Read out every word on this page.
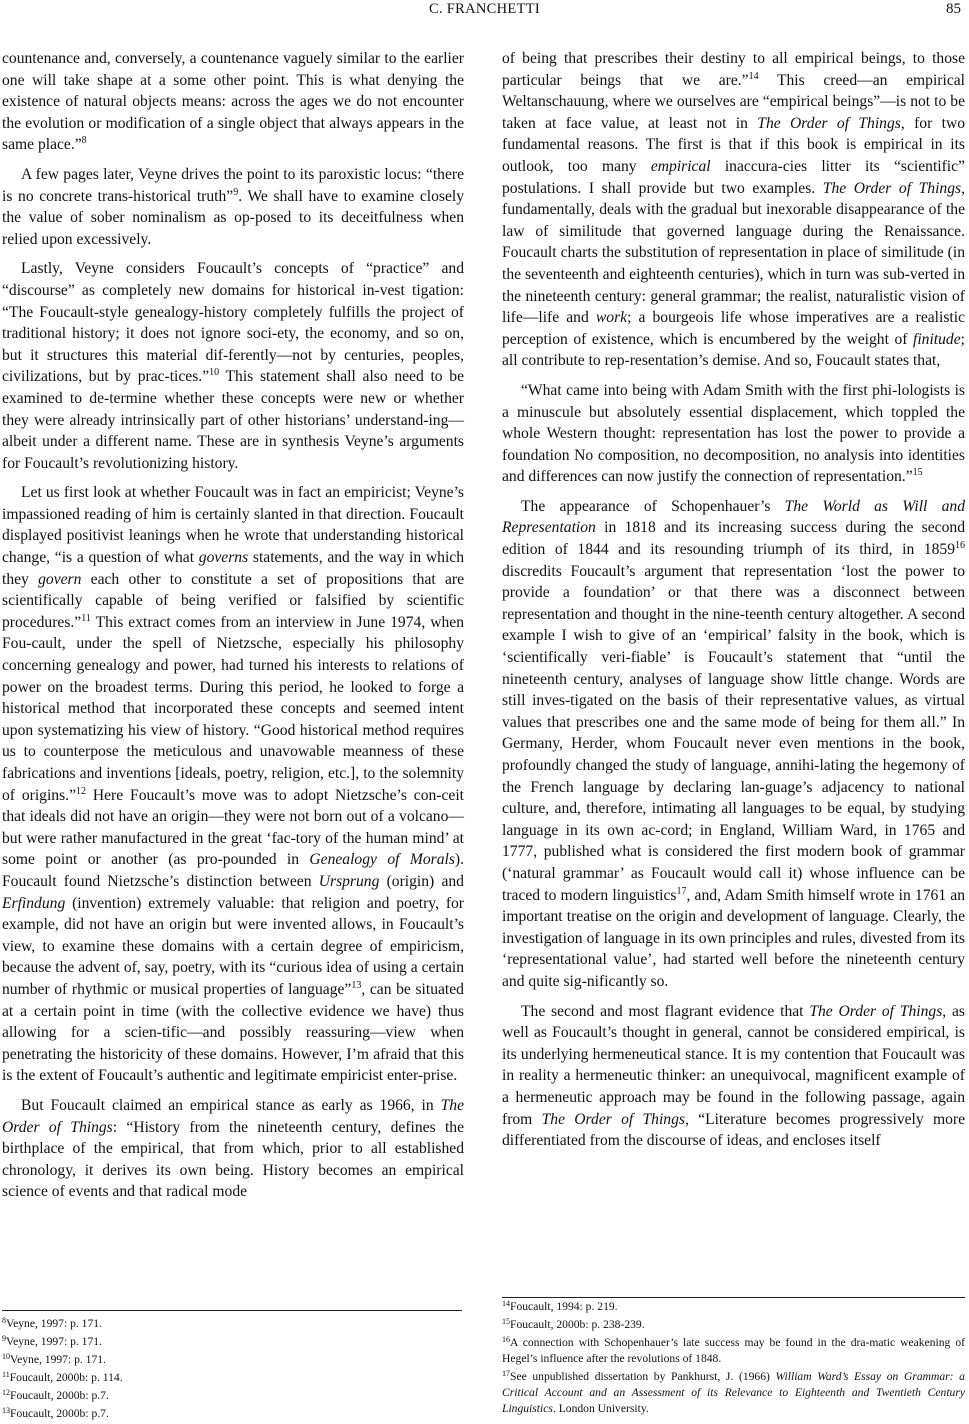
C. FRANCHETTI	85

countenance and, conversely, a countenance vaguely similar to the earlier one will take shape at a some other point. This is what denying the existence of natural objects means: across the ages we do not encounter the evolution or modification of a single object that always appears in the same place.”$^8$

A few pages later, Veyne drives the point to its paroxistic locus: “there is no concrete trans-historical truth”$^9$. We shall have to examine closely the value of sober nominalism as op-posed to its deceitfulness when relied upon excessively.

Lastly, Veyne considers Foucault’s concepts of “practice” and “discourse” as completely new domains for historical in-vest tigation: “The Foucault-style genealogy-history completely fulfills the project of traditional history; it does not ignore soci-ety, the economy, and so on, but it structures this material dif-ferently—not by centuries, peoples, civilizations, but by prac-tices.”$^{10}$ This statement shall also need to be examined to de-termine whether these concepts were new or whether they were already intrinsically part of other historians’ understand-ing—albeit under a different name. These are in synthesis Veyne’s arguments for Foucault’s revolutionizing history.

Let us first look at whether Foucault was in fact an empiricist; Veyne’s impassioned reading of him is certainly slanted in that direction. Foucault displayed positivist leanings when he wrote that understanding historical change, “is a question of what governs statements, and the way in which they govern each other to constitute a set of propositions that are scientifically capable of being verified or falsified by scientific procedures.”$^{11}$ This extract comes from an interview in June 1974, when Fou-cault, under the spell of Nietzsche, especially his philosophy concerning genealogy and power, had turned his interests to relations of power on the broadest terms. During this period, he looked to forge a historical method that incorporated these concepts and seemed intent upon systematizing his view of history. “Good historical method requires us to counterpose the meticulous and unavowable meanness of these fabrications and inventions [ideals, poetry, religion, etc.], to the solemnity of origins.”$^{12}$ Here Foucault’s move was to adopt Nietzsche’s con-ceit that ideals did not have an origin—they were not born out of a volcano—but were rather manufactured in the great ‘fac-tory of the human mind’ at some point or another (as pro-pounded in Genealogy of Morals). Foucault found Nietzsche’s distinction between Ursprung (origin) and Erfindung (invention) extremely valuable: that religion and poetry, for example, did not have an origin but were invented allows, in Foucault’s view, to examine these domains with a certain degree of empiricism, because the advent of, say, poetry, with its “curious idea of using a certain number of rhythmic or musical properties of language”$^{13}$, can be situated at a certain point in time (with the collective evidence we have) thus allowing for a scien-tific—and possibly reassuring—view when penetrating the historicity of these domains. However, I’m afraid that this is the extent of Foucault’s authentic and legitimate empiricist enter-prise.

But Foucault claimed an empirical stance as early as 1966, in The Order of Things: “History from the nineteenth century, defines the birthplace of the empirical, that from which, prior to all established chronology, it derives its own being. History becomes an empirical science of events and that radical mode

of being that prescribes their destiny to all empirical beings, to those particular beings that we are.”$^{14}$ This creed—an empirical Weltanschauung, where we ourselves are “empirical beings”—is not to be taken at face value, at least not in The Order of Things, for two fundamental reasons. The first is that if this book is empirical in its outlook, too many empirical inaccura-cies litter its “scientific” postulations. I shall provide but two examples. The Order of Things, fundamentally, deals with the gradual but inexorable disappearance of the law of similitude that governed language during the Renaissance. Foucault charts the substitution of representation in place of similitude (in the seventeenth and eighteenth centuries), which in turn was sub-verted in the nineteenth century: general grammar; the realist, naturalistic vision of life—life and work; a bourgeois life whose imperatives are a realistic perception of existence, which is encumbered by the weight of finitude; all contribute to rep-resentation’s demise. And so, Foucault states that,

“What came into being with Adam Smith with the first phi-lologists is a minuscule but absolutely essential displacement, which toppled the whole Western thought: representation has lost the power to provide a foundation No composition, no decomposition, no analysis into identities and differences can now justify the connection of representation.”$^{15}$

The appearance of Schopenhauer’s The World as Will and Representation in 1818 and its increasing success during the second edition of 1844 and its resounding triumph of its third, in 1859$^{16}$ discredits Foucault’s argument that representation ‘lost the power to provide a foundation’ or that there was a disconnect between representation and thought in the nine-teenth century altogether. A second example I wish to give of an ‘empirical’ falsity in the book, which is ‘scientifically veri-fiable’ is Foucault’s statement that “until the nineteenth century, analyses of language show little change. Words are still inves-tigated on the basis of their representative values, as virtual values that prescribes one and the same mode of being for them all.” In Germany, Herder, whom Foucault never even mentions in the book, profoundly changed the study of language, annihi-lating the hegemony of the French language by declaring lan-guage’s adjacency to national culture, and, therefore, intimating all languages to be equal, by studying language in its own ac-cord; in England, William Ward, in 1765 and 1777, published what is considered the first modern book of grammar (‘natural grammar’ as Foucault would call it) whose influence can be traced to modern linguistics$^{17}$, and, Adam Smith himself wrote in 1761 an important treatise on the origin and development of language. Clearly, the investigation of language in its own principles and rules, divested from its ‘representational value’, had started well before the nineteenth century and quite sig-nificantly so.

The second and most flagrant evidence that The Order of Things, as well as Foucault’s thought in general, cannot be considered empirical, is its underlying hermeneutical stance. It is my contention that Foucault was in reality a hermeneutic thinker: an unequivocal, magnificent example of a hermeneutic approach may be found in the following passage, again from The Order of Things, “Literature becomes progressively more differentiated from the discourse of ideas, and encloses itself

$^8$Veyne, 1997: p. 171.
$^9$Veyne, 1997: p. 171.
$^{10}$Veyne, 1997: p. 171.
$^{11}$Foucault, 2000b: p. 114.
$^{12}$Foucault, 2000b: p.7.
$^{13}$Foucault, 2000b: p.7.
$^{14}$Foucault, 1994: p. 219.
$^{15}$Foucault, 2000b: p. 238-239.
$^{16}$A connection with Schopenhauer’s late success may be found in the dra-matic weakening of Hegel’s influence after the revolutions of 1848.
$^{17}$See unpublished dissertation by Pankhurst, J. (1966) William Ward’s Essay on Grammar: a Critical Account and an Assessment of its Relevance to Eighteenth and Twentieth Century Linguistics. London University.
